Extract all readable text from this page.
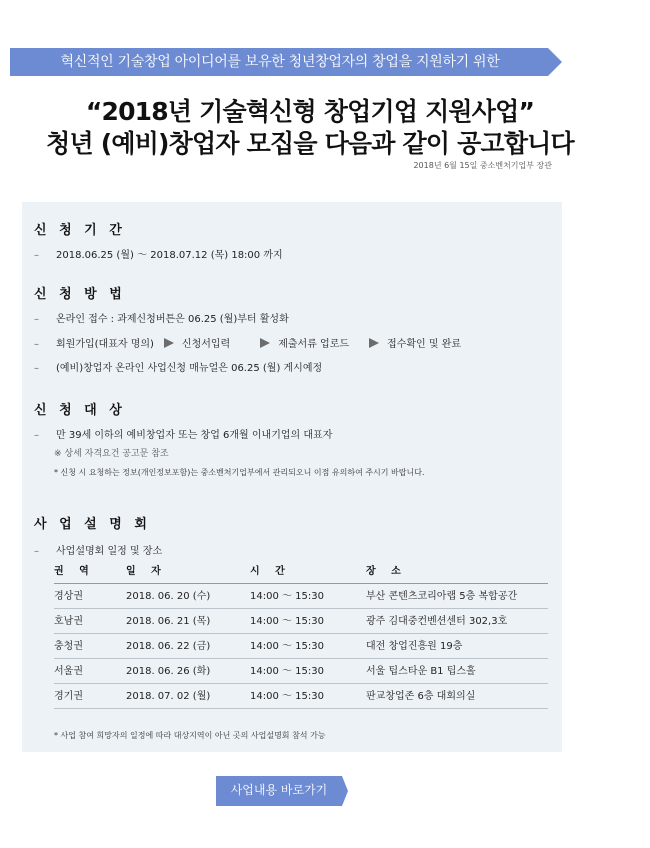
혁신적인 기술창업 아이디어를 보유한 청년창업자의 창업을 지원하기 위한
“2018년 기술혁신형 창업기업 지원사업”
청년 (예비)창업자 모집을 다음과 같이 공고합니다
2018년 6월 15일 중소벤처기업부 장관
신 청 기 간
– 2018.06.25 (월) ～ 2018.07.12 (목) 18:00 까지
신 청 방 법
– 온라인 접수 : 과제신청버튼은 06.25 (월)부터 활성화
– 회원가입(대표자 명의)	신청서입력	제출서류 업로드	접수확인 및 완료
– (예비)창업자 온라인 사업신청 매뉴얼은 06.25 (월) 게시예정
신 청 대 상
– 만 39세 이하의 예비창업자 또는 창업 6개월 이내기업의 대표자
※ 상세 자격요건 공고문 참조
* 신청 시 요청하는 정보(개인정보포함)는 중소벤처기업부에서 관리되오니 이점 유의하여 주시기 바랍니다.
사 업 설 명 회
– 사업설명회 일정 및 장소
권 역	일 자	시 간	장 소
경상권	2018. 06. 20 (수)	14:00 ～ 15:30	부산 콘텐츠코리아랩 5층 복합공간
호남권	2018. 06. 21 (목)	14:00 ～ 15:30	광주 김대중컨벤션센터 302,3호
충청권	2018. 06. 22 (금)	14:00 ～ 15:30	대전 창업진흥원 19층
서울권	2018. 06. 26 (화)	14:00 ～ 15:30	서울 팁스타운 B1 팁스홀
경기권	2018. 07. 02 (월)	14:00 ～ 15:30	판교창업존 6층 대회의실
* 사업 참여 희망자의 일정에 따라 대상지역이 아닌 곳의 사업설명회 참석 가능
사업내용 바로가기
